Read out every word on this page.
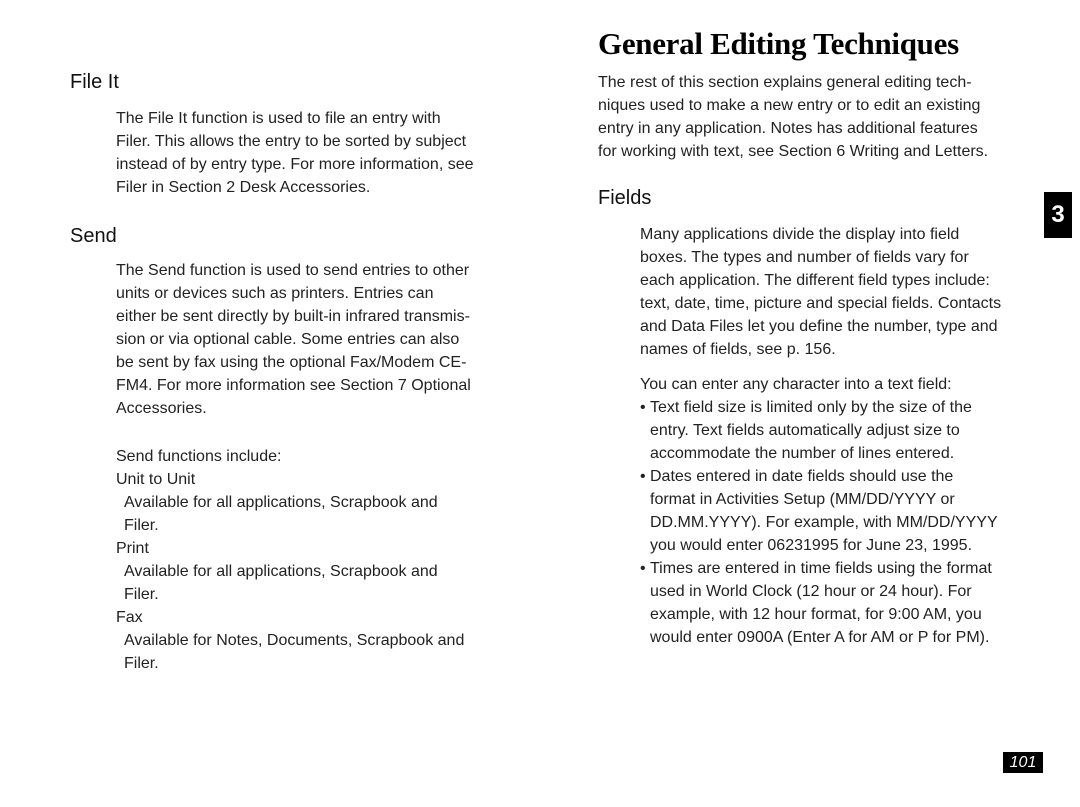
General Editing Techniques
File It
The File It function is used to file an entry with
Filer. This allows the entry to be sorted by subject
instead of by entry type. For more information, see
Filer in Section 2 Desk Accessories.
Send
The Send function is used to send entries to other
units or devices such as printers. Entries can
either be sent directly by built-in infrared transmis-
sion or via optional cable. Some entries can also
be sent by fax using the optional Fax/Modem CE-
FM4. For more information see Section 7 Optional
Accessories.
Send functions include:
Unit to Unit
Available for all applications, Scrapbook and
Filer.
Print
Available for all applications, Scrapbook and
Filer.
Fax
Available for Notes, Documents, Scrapbook and
Filer.
The rest of this section explains general editing tech-
niques used to make a new entry or to edit an existing
entry in any application. Notes has additional features
for working with text, see Section 6 Writing and Letters.
Fields
Many applications divide the display into field
boxes. The types and number of fields vary for
each application. The different field types include:
text, date, time, picture and special fields. Contacts
and Data Files let you define the number, type and
names of fields, see p. 156.
You can enter any character into a text field:
• Text field size is limited only by the size of the
entry. Text fields automatically adjust size to
accommodate the number of lines entered.
• Dates entered in date fields should use the
format in Activities Setup (MM/DD/YYYY or
DD.MM.YYYY). For example, with MM/DD/YYYY
you would enter 06231995 for June 23, 1995.
• Times are entered in time fields using the format
used in World Clock (12 hour or 24 hour). For
example, with 12 hour format, for 9:00 AM, you
would enter 0900A (Enter A for AM or P for PM).
3
101
